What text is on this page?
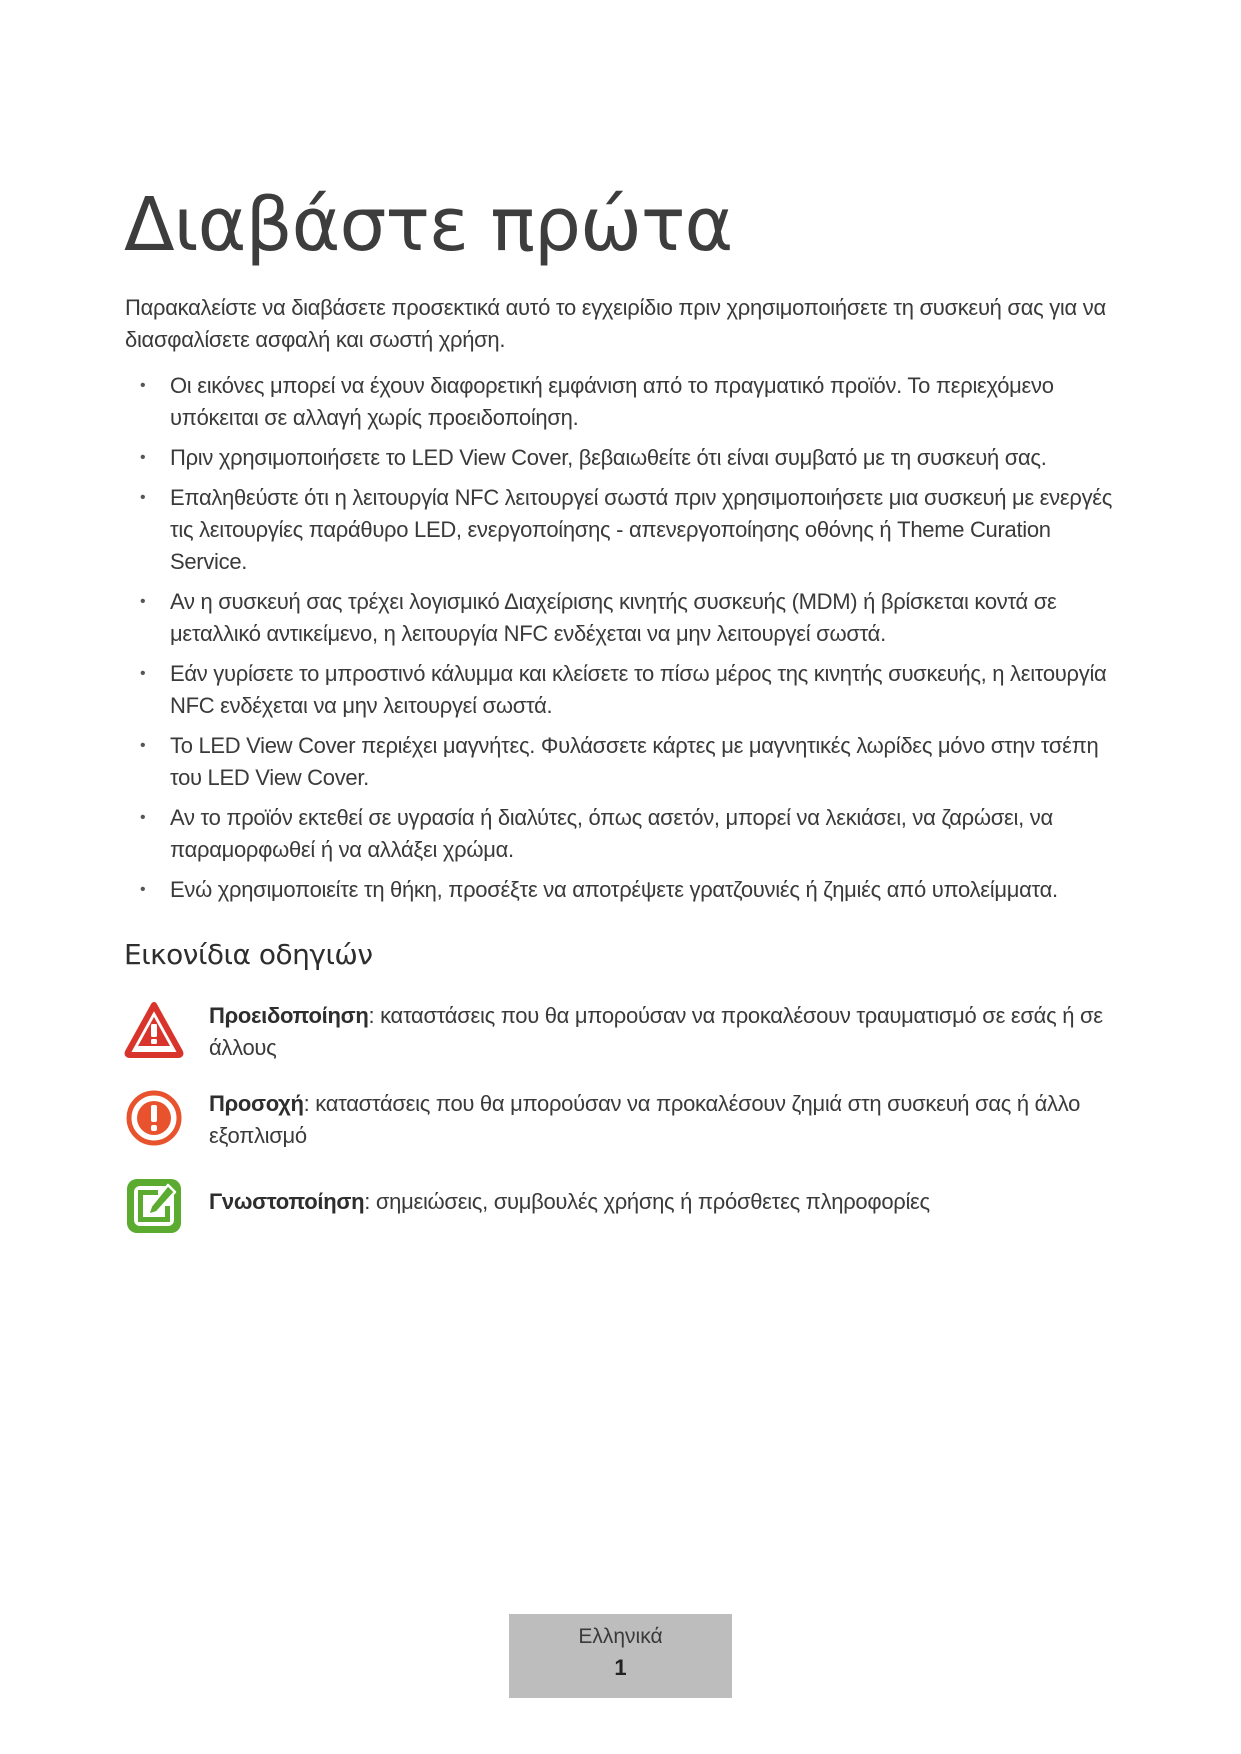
Διαβάστε πρώτα

Παρακαλείστε να διαβάσετε προσεκτικά αυτό το εγχειρίδιο πριν χρησιμοποιήσετε τη συσκευή σας για να διασφαλίσετε ασφαλή και σωστή χρήση.

• Οι εικόνες μπορεί να έχουν διαφορετική εμφάνιση από το πραγματικό προϊόν. Το περιεχόμενο υπόκειται σε αλλαγή χωρίς προειδοποίηση.
• Πριν χρησιμοποιήσετε το LED View Cover, βεβαιωθείτε ότι είναι συμβατό με τη συσκευή σας.
• Επαληθεύστε ότι η λειτουργία NFC λειτουργεί σωστά πριν χρησιμοποιήσετε μια συσκευή με ενεργές τις λειτουργίες παράθυρο LED, ενεργοποίησης - απενεργοποίησης οθόνης ή Theme Curation Service.
• Αν η συσκευή σας τρέχει λογισμικό Διαχείρισης κινητής συσκευής (MDM) ή βρίσκεται κοντά σε μεταλλικό αντικείμενο, η λειτουργία NFC ενδέχεται να μην λειτουργεί σωστά.
• Εάν γυρίσετε το μπροστινό κάλυμμα και κλείσετε το πίσω μέρος της κινητής συσκευής, η λειτουργία NFC ενδέχεται να μην λειτουργεί σωστά.
• Το LED View Cover περιέχει μαγνήτες. Φυλάσσετε κάρτες με μαγνητικές λωρίδες μόνο στην τσέπη του LED View Cover.
• Αν το προϊόν εκτεθεί σε υγρασία ή διαλύτες, όπως ασετόν, μπορεί να λεκιάσει, να ζαρώσει, να παραμορφωθεί ή να αλλάξει χρώμα.
• Ενώ χρησιμοποιείτε τη θήκη, προσέξτε να αποτρέψετε γρατζουνιές ή ζημιές από υπολείμματα.
Εικονίδια οδηγιών
Προειδοποίηση: καταστάσεις που θα μπορούσαν να προκαλέσουν τραυματισμό σε εσάς ή σε άλλους
Προσοχή: καταστάσεις που θα μπορούσαν να προκαλέσουν ζημιά στη συσκευή σας ή άλλο εξοπλισμό
Γνωστοποίηση: σημειώσεις, συμβουλές χρήσης ή πρόσθετες πληροφορίες
Ελληνικά
1
